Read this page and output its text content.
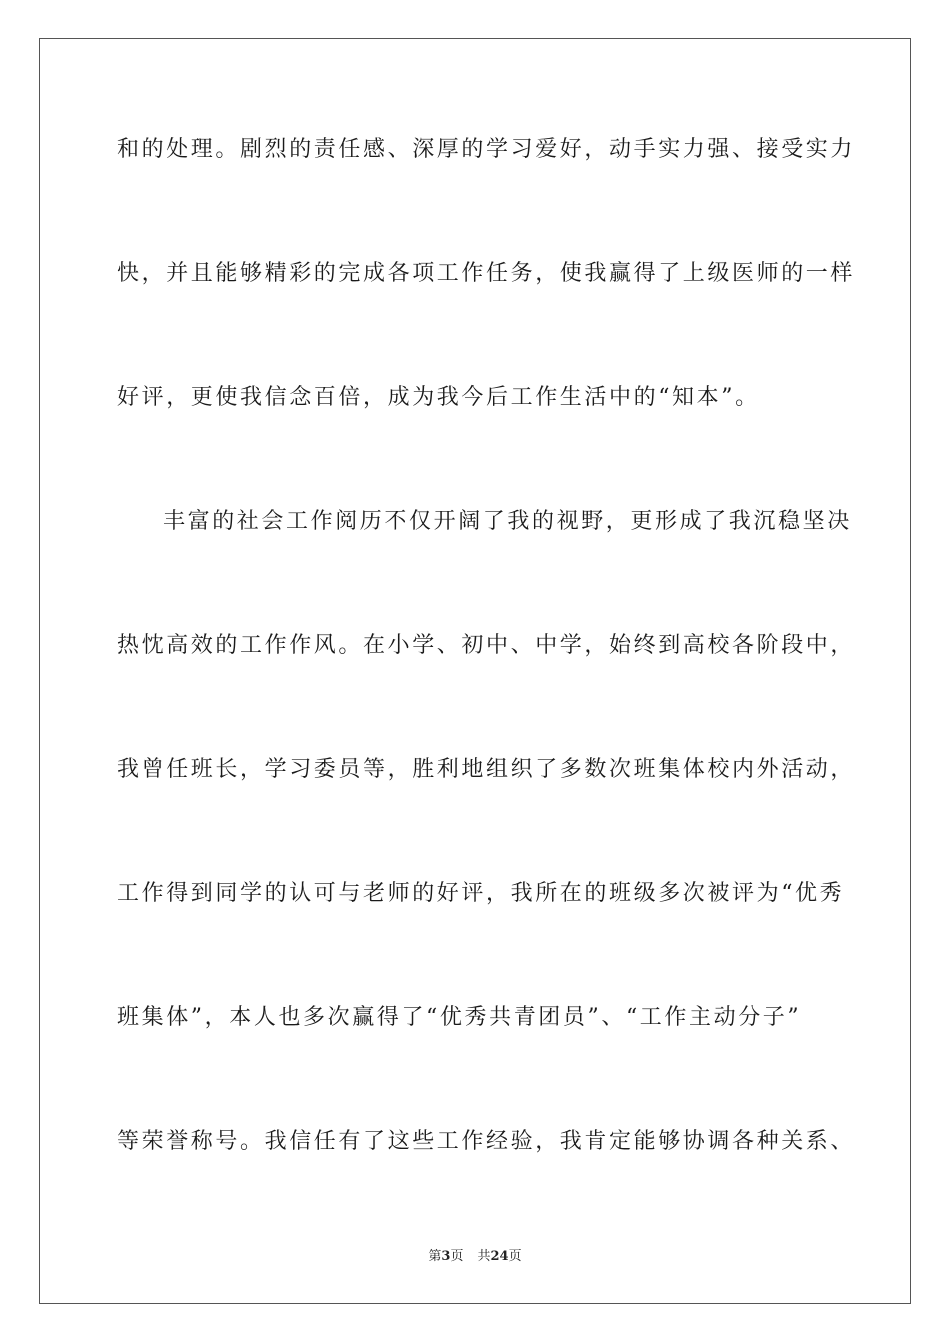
和的处理。剧烈的责任感、深厚的学习爱好，动手实力强、接受实力
快，并且能够精彩的完成各项工作任务，使我赢得了上级医师的一样
好评，更使我信念百倍，成为我今后工作生活中的“知本”。
丰富的社会工作阅历不仅开阔了我的视野，更形成了我沉稳坚决
热忱高效的工作作风。在小学、初中、中学，始终到高校各阶段中，
我曾任班长，学习委员等，胜利地组织了多数次班集体校内外活动，
工作得到同学的认可与老师的好评，我所在的班级多次被评为“优秀
班集体”，本人也多次赢得了“优秀共青团员”、“工作主动分子”
等荣誉称号。我信任有了这些工作经验，我肯定能够协调各种关系、
第3页 共24页
